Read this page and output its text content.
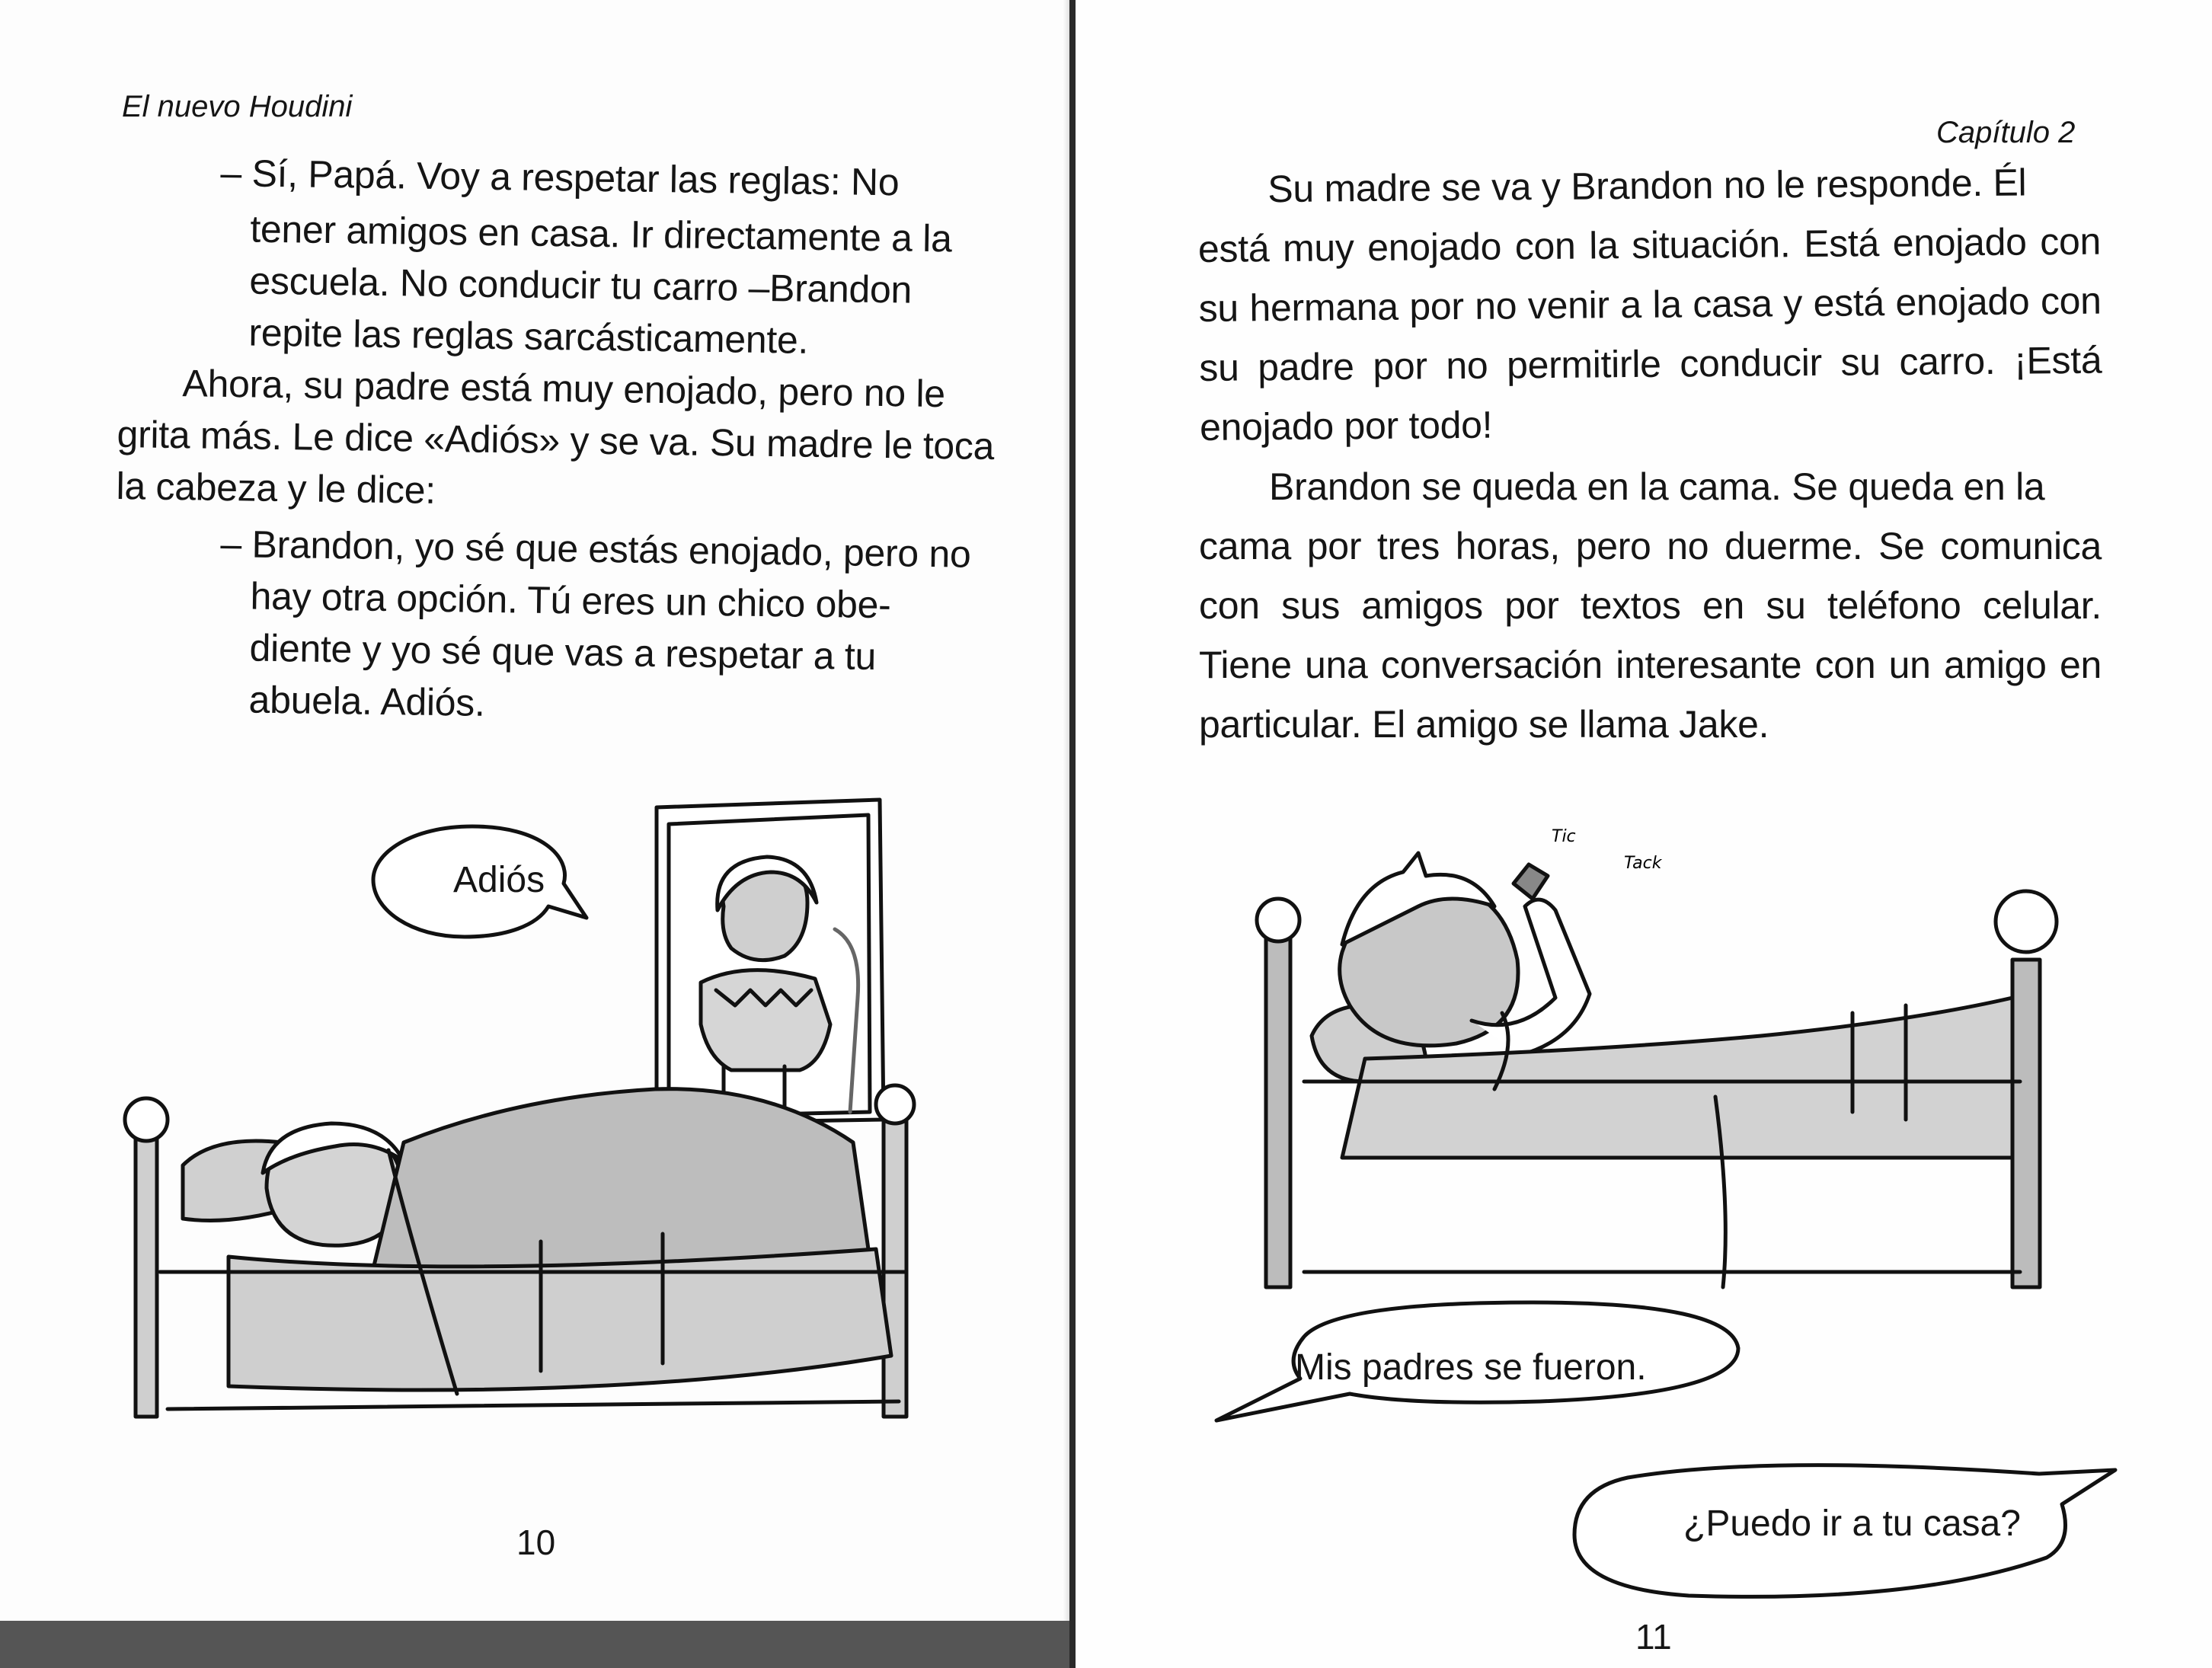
El nuevo Houdini
– Sí, Papá. Voy a respetar las reglas: No
tener amigos en casa. Ir directamente a la
escuela. No conducir tu carro –Brandon
repite las reglas sarcásticamente.
Ahora, su padre está muy enojado, pero no le
grita más. Le dice «Adiós» y se va. Su madre le toca
la cabeza y le dice:
– Brandon, yo sé que estás enojado, pero no
hay otra opción. Tú eres un chico obe-
diente y yo sé que vas a respetar a tu
abuela. Adiós.
Adiós
10
Capítulo 2
Su madre se va y Brandon no le responde. Él
está muy enojado con la situación. Está enojado con
su hermana por no venir a la casa y está enojado con
su padre por no permitirle conducir su carro. ¡Está
enojado por todo!
Brandon se queda en la cama. Se queda en la
cama por tres horas, pero no duerme. Se comunica
con sus amigos por textos en su teléfono celular.
Tiene una conversación interesante con un amigo en
particular. El amigo se llama Jake.
Tic
Tack
Mis padres se fueron.
¿Puedo ir a tu casa?
11
